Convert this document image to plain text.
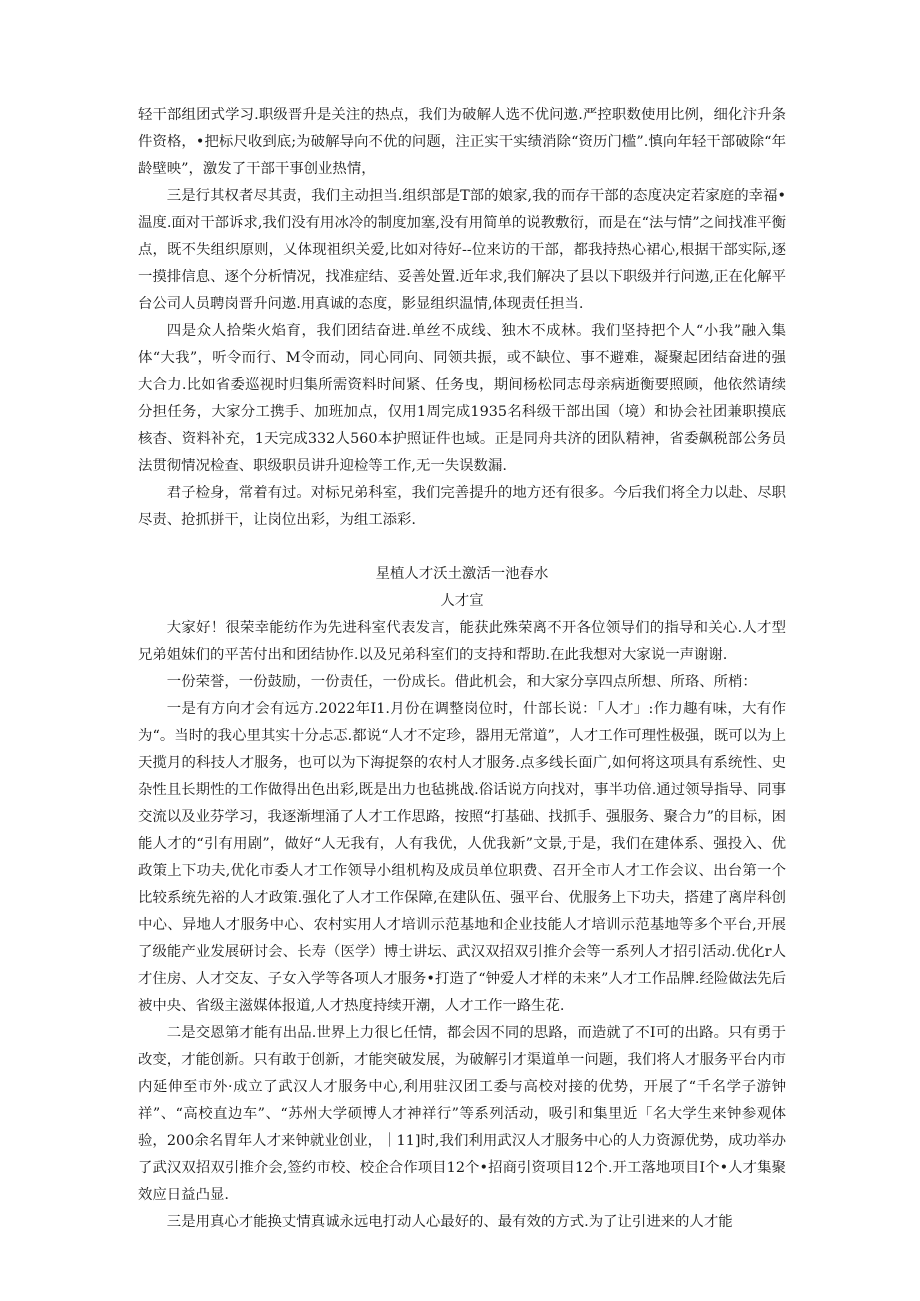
轻干部组团式学习.职级晋升是关注的热点，我们为破解人选不优问遨.严控职数使用比例，细化汴升条件资格，•把标尺收到底;为破解导向不优的问题，注正实干实绩消除“资历门槛”.慎向年轻干部破除“年龄壁映”，激发了干部干事创业热情，

三是行其权者尽其责，我们主动担当.组织部是T部的娘家,我的而存干部的态度决定若家庭的幸福•温度.面对干部诉求,我们没有用冰冷的制度加塞,没有用简单的说教敷衍，而是在“法与情”之间找准平衡点，既不失组织原则，乂体现祖织关爱,比如对待好--位来访的干部，都我持热心裙心,根据干部实际,逐一摸排信息、逐个分析情况，找准症结、妥善处置.近年求,我们解决了县以下职级并行问遨,正在化解平台公司人员聘岗晋升问遨.用真诚的态度，影显组织温情,体现责任担当.

四是众人拾柴火焰育，我们团结奋进.单丝不成线、独木不成林。我们坚持把个人“小我”融入集体“大我”，听令而行、M令而动，同心同向、同领共振，或不缺位、事不避难，凝聚起团结奋进的强大合力.比如省委巡视时归集所需资料时间紧、任务曳，期间杨松同志母亲病逝衡要照顾，他依然请续分担任务，大家分工携手、加班加点，仅用1周完成1935名科级干部出国（境）和协会社团兼职摸底核杳、资料补充，1天完成332人560本护照证件也域。正是同舟共济的团队精神，省委飙税部公务员法贯彻情况检查、职级职员讲升迎检等工作,无一失误数漏.

君子检身，常着有过。对标兄弟科室，我们完善提升的地方还有很多。今后我们将全力以赴、尽职尽责、抢抓拼干，让岗位出彩，为组工添彩.

星植人才沃土激活一池春水

人才宣

大家好！很荣幸能纺作为先进科室代表发言，能获此殊荣离不开各位领导们的指导和关心.人才型兄弟姐妹们的平苦付出和团结协作.以及兄弟科室们的支持和帮助.在此我想对大家说一声谢谢.

一份荣誉，一份鼓励，一份责任，一份成长。借此机会，和大家分享四点所想、所珞、所梢：

一是有方向才会有远方.2022年I1.月份在调整岗位时，什部长说：「人才」:作力趣有味，大有作为“。当时的我心里其实十分忐忑.都说“人才不定珍，器用无常道”，人才工作可理性极强，既可以为上天揽月的科技人才服务，也可以为下海捉祭的农村人才服务.点多线长面广,如何将这项具有系统性、史杂性且长期性的工作做得出色出彩,既是出力也毡挑战.俗话说方向找对，事半功倍.通过领导指导、同事交流以及业芬学习，我逐渐埋涌了人才工作思路，按照“打基础、找抓手、强服务、聚合力”的目标，困能人才的“引有用剧”，做好“人无我有，人有我优，人优我新”文景,于是，我们在建体系、强投入、优政策上下功夫,优化市委人才工作领导小组机构及成员单位职费、召开全市人才工作会议、出台第一个比较系统先裕的人才政策.强化了人才工作保障,在建队伍、强平台、优服务上下功夫，搭建了离岸科创中心、异地人才服务中心、农村实用人才培训示范基地和企业技能人才培训示范基地等多个平台,开展了级能产业发展研讨会、长寿（医学）博士讲坛、武汉双招双引推介会等一系列人才招引活动.优化r人才住房、人才交友、子女入学等各项人才服务•打造了“钟爱人才样的未来”人才工作品牌.经险做法先后被中央、省级主滋媒体报道,人才热度持续开潮，人才工作一路生花.

二是交恩第才能有出品.世界上力很匕任情，都会因不同的思路，而造就了不I可的出路。只有勇于改变，才能创新。只有敢于创新，才能突破发展，为破解引才渠道单一问题，我们将人才服务平台内市内延伸至市外·成立了武汉人才服务中心,利用驻汉团工委与高校对接的优势，开展了“千名学子游钟祥”、“高校直边车”、“苏州大学硕博人才神祥行”等系列活动，吸引和集里近「名大学生来钟参观体验，200余名胃年人才来钟就业创业，｜11]时,我们利用武汉人才服务中心的人力资源优势，成功举办了武汉双招双引推介会,签约市校、校企合作项目12个•招商引资项目12个.开工落地项目I个•人才集聚效应日益凸显.

三是用真心才能换丈情真诚永远电打动人心最好的、最有效的方式.为了让引进来的人才能
